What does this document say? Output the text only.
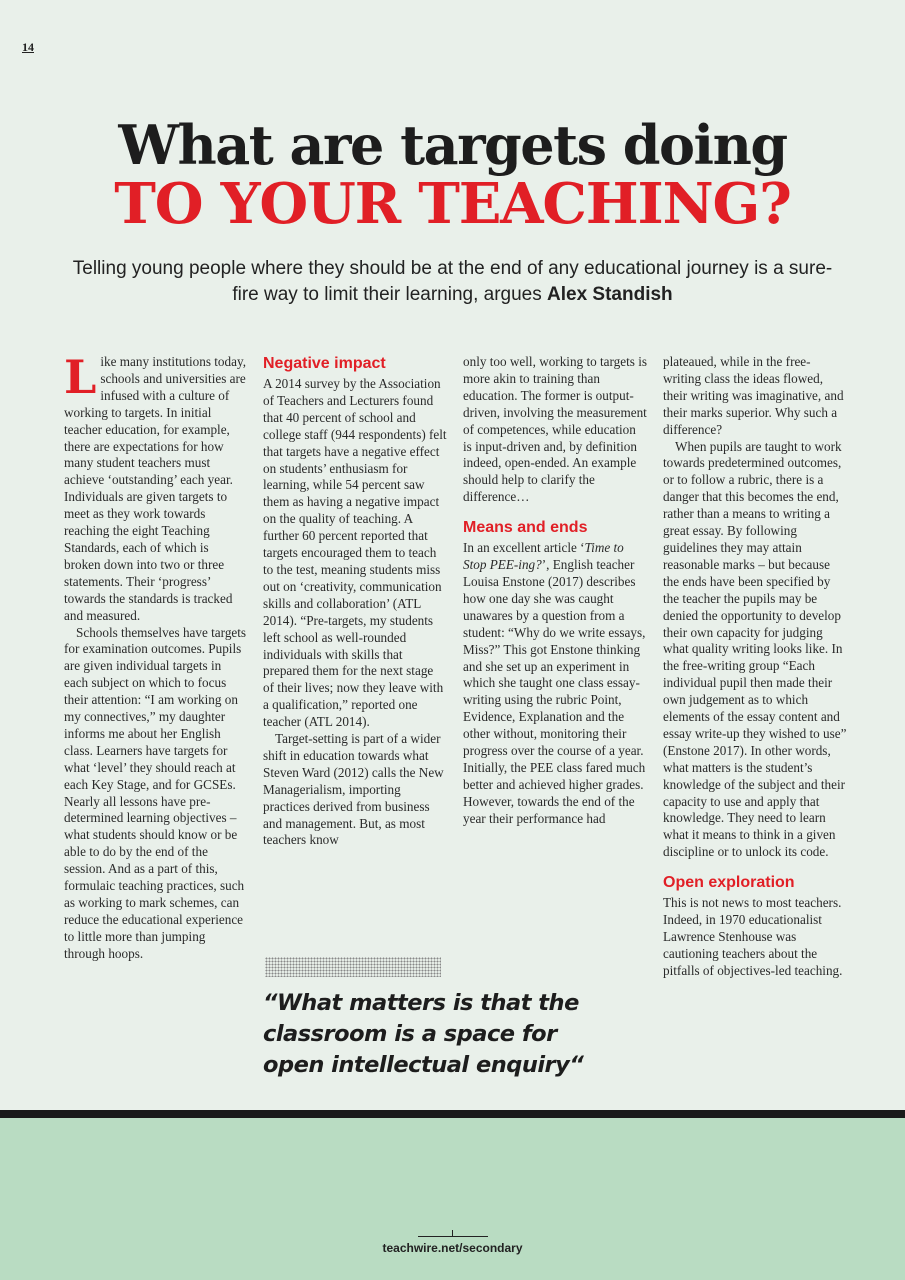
14
What are targets doing
TO YOUR TEACHING?
Telling young people where they should be at the end of any educational journey is a sure-fire way to limit their learning, argues Alex Standish

Like many institutions today, schools and universities are infused with a culture of working to targets. In initial teacher education, for example, there are expectations for how many student teachers must achieve ‘outstanding’ each year. Individuals are given targets to meet as they work towards reaching the eight Teaching Standards, each of which is broken down into two or three statements. Their ‘progress’ towards the standards is tracked and measured.

Schools themselves have targets for examination outcomes. Pupils are given individual targets in each subject on which to focus their attention: “I am working on my connectives,” my daughter informs me about her English class. Learners have targets for what ‘level’ they should reach at each Key Stage, and for GCSEs. Nearly all lessons have pre-determined learning objectives – what students should know or be able to do by the end of the session. And as a part of this, formulaic teaching practices, such as working to mark schemes, can reduce the educational experience to little more than jumping through hoops.

Negative impact

A 2014 survey by the Association of Teachers and Lecturers found that 40 percent of school and college staff (944 respondents) felt that targets have a negative effect on students’ enthusiasm for learning, while 54 percent saw them as having a negative impact on the quality of teaching. A further 60 percent reported that targets encouraged them to teach to the test, meaning students miss out on ‘creativity, communication skills and collaboration’ (ATL 2014). “Pre-targets, my students left school as well-rounded individuals with skills that prepared them for the next stage of their lives; now they leave with a qualification,” reported one teacher (ATL 2014).

Target-setting is part of a wider shift in education towards what Steven Ward (2012) calls the New Managerialism, importing practices derived from business and management. But, as most teachers know

only too well, working to targets is more akin to training than education. The former is output-driven, involving the measurement of competences, while education is input-driven and, by definition indeed, open-ended. An example should help to clarify the difference…

Means and ends

In an excellent article ‘Time to Stop PEE-ing?’, English teacher Louisa Enstone (2017) describes how one day she was caught unawares by a question from a student: “Why do we write essays, Miss?” This got Enstone thinking and she set up an experiment in which she taught one class essay-writing using the rubric Point, Evidence, Explanation and the other without, monitoring their progress over the course of a year. Initially, the PEE class fared much better and achieved higher grades. However, towards the end of the year their performance had

plateaued, while in the free-writing class the ideas flowed, their writing was imaginative, and their marks superior. Why such a difference?

When pupils are taught to work towards predetermined outcomes, or to follow a rubric, there is a danger that this becomes the end, rather than a means to writing a great essay. By following guidelines they may attain reasonable marks – but because the ends have been specified by the teacher the pupils may be denied the opportunity to develop their own capacity for judging what quality writing looks like. In the free-writing group “Each individual pupil then made their own judgement as to which elements of the essay content and essay write-up they wished to use” (Enstone 2017). In other words, what matters is the student’s knowledge of the subject and their capacity to use and apply that knowledge. They need to learn what it means to think in a given discipline or to unlock its code.

Open exploration

This is not news to most teachers. Indeed, in 1970 educationalist Lawrence Stenhouse was cautioning teachers about the pitfalls of objectives-led teaching.

“What matters is that the classroom is a space for open intellectual enquiry“
teachwire.net/secondary
